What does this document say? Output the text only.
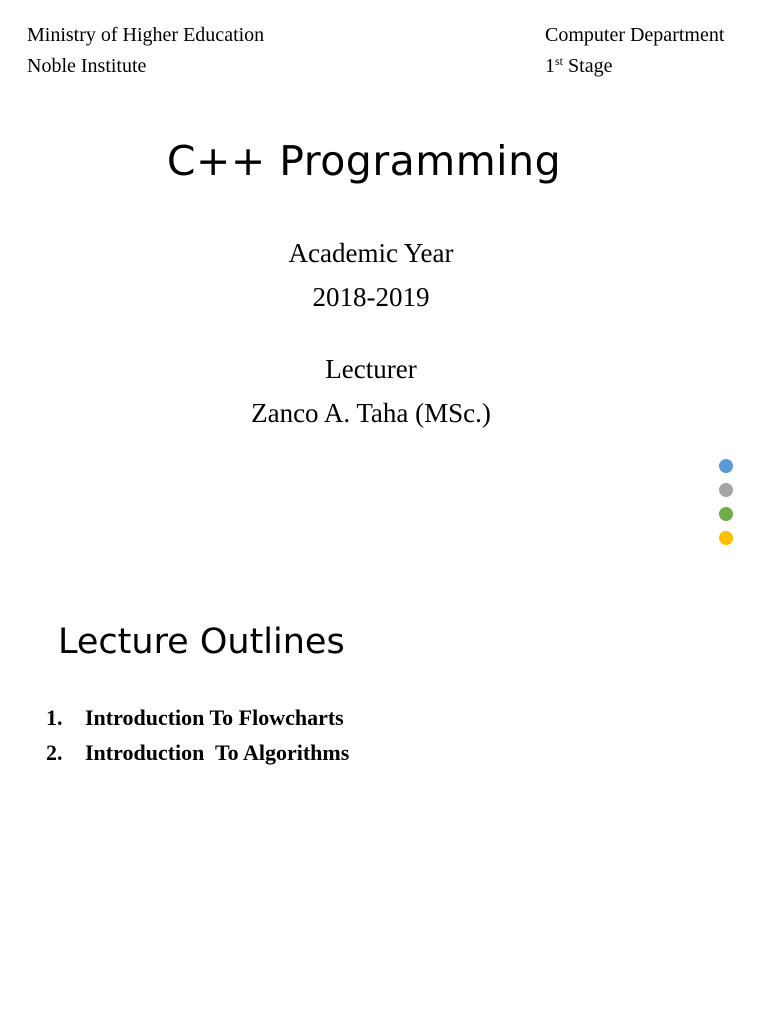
Ministry of Higher Education
Noble Institute
Computer Department
1st Stage
C++ Programming
Academic Year
2018-2019
Lecturer
Zanco A. Taha (MSc.)
Lecture Outlines
1. Introduction To Flowcharts
2. Introduction  To Algorithms
